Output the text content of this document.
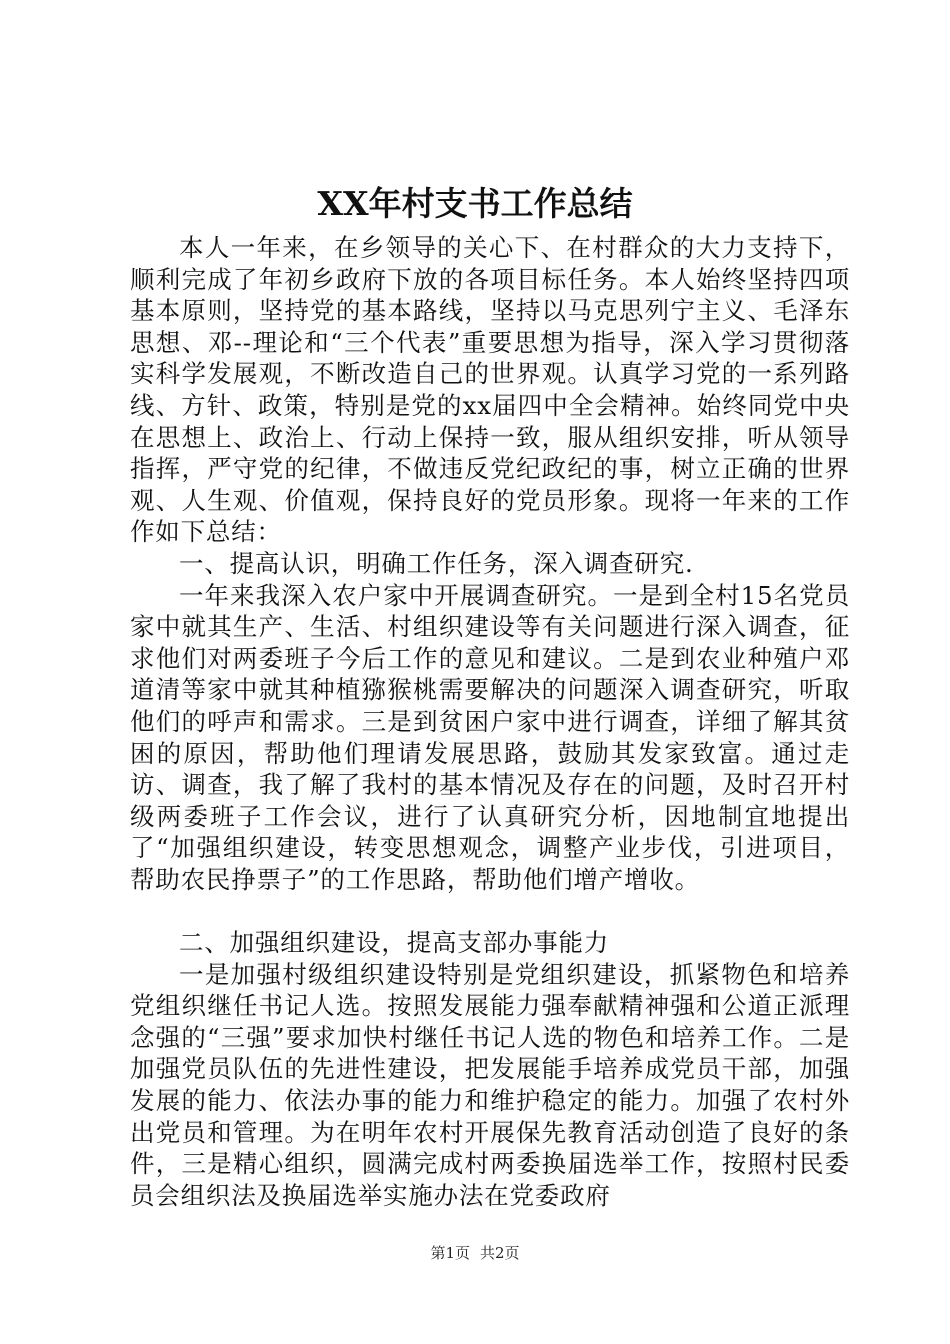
XX年村支书工作总结

本人一年来，在乡领导的关心下、在村群众的大力支持下，顺利完成了年初乡政府下放的各项目标任务。本人始终坚持四项基本原则，坚持党的基本路线，坚持以马克思列宁主义、毛泽东思想、邓--理论和“三个代表”重要思想为指导，深入学习贯彻落实科学发展观，不断改造自己的世界观。认真学习党的一系列路线、方针、政策，特别是党的xx届四中全会精神。始终同党中央在思想上、政治上、行动上保持一致，服从组织安排，听从领导指挥，严守党的纪律，不做违反党纪政纪的事，树立正确的世界观、人生观、价值观，保持良好的党员形象。现将一年来的工作作如下总结：

一、提高认识，明确工作任务，深入调查研究.

一年来我深入农户家中开展调查研究。一是到全村15名党员家中就其生产、生活、村组织建设等有关问题进行深入调查，征求他们对两委班子今后工作的意见和建议。二是到农业种殖户邓道清等家中就其种植猕猴桃需要解决的问题深入调查研究，听取他们的呼声和需求。三是到贫困户家中进行调查，详细了解其贫困的原因，帮助他们理请发展思路，鼓励其发家致富。通过走访、调查，我了解了我村的基本情况及存在的问题，及时召开村级两委班子工作会议，进行了认真研究分析，因地制宜地提出了“加强组织建设，转变思想观念，调整产业步伐，引进项目，帮助农民挣票子”的工作思路，帮助他们增产增收。

二、加强组织建设，提高支部办事能力

一是加强村级组织建设特别是党组织建设，抓紧物色和培养党组织继任书记人选。按照发展能力强奉献精神强和公道正派理念强的“三强”要求加快村继任书记人选的物色和培养工作。二是加强党员队伍的先进性建设，把发展能手培养成党员干部，加强发展的能力、依法办事的能力和维护稳定的能力。加强了农村外出党员和管理。为在明年农村开展保先教育活动创造了良好的条件，三是精心组织，圆满完成村两委换届选举工作，按照村民委员会组织法及换届选举实施办法在党委政府

第1页 共2页
